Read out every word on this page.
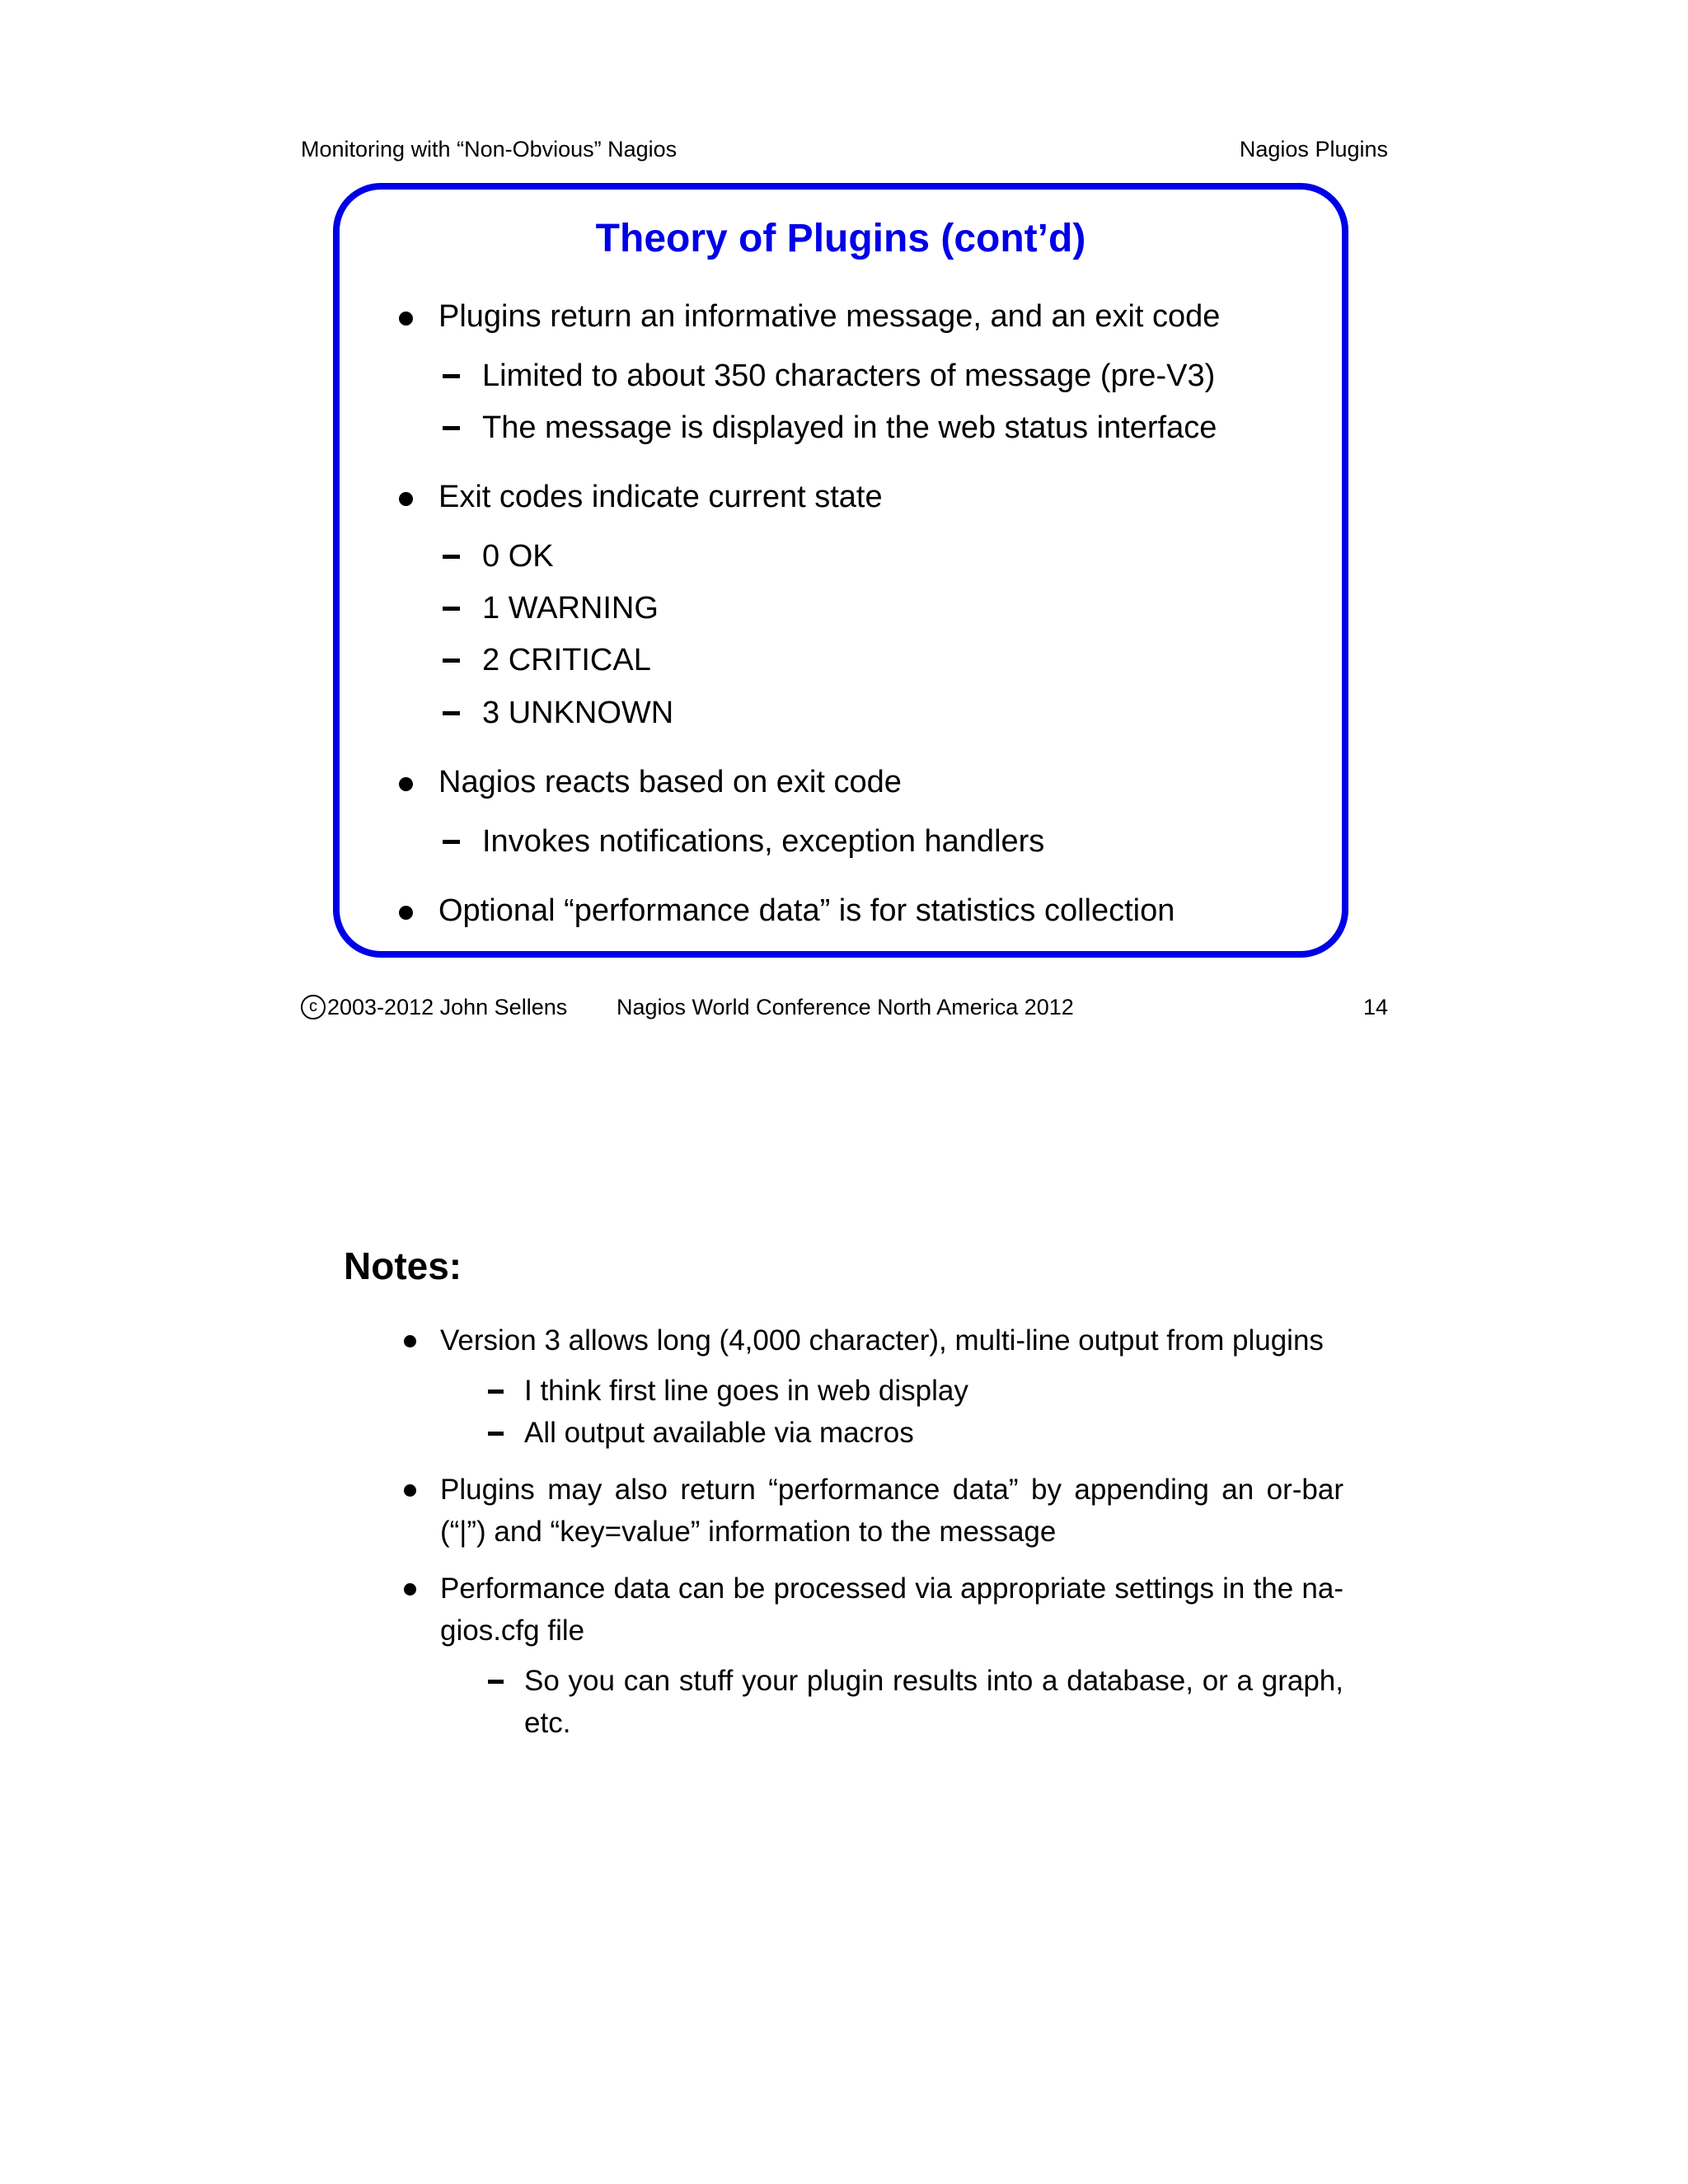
Monitoring with “Non-Obvious” Nagios	Nagios Plugins
Theory of Plugins (cont’d)
Plugins return an informative message, and an exit code
Limited to about 350 characters of message (pre-V3)
The message is displayed in the web status interface
Exit codes indicate current state
0 OK
1 WARNING
2 CRITICAL
3 UNKNOWN
Nagios reacts based on exit code
Invokes notifications, exception handlers
Optional “performance data” is for statistics collection
c 2003-2012 John Sellens Nagios World Conference North America 2012	14
Notes:
Version 3 allows long (4,000 character), multi-line output from plugins
I think first line goes in web display
All output available via macros
Plugins may also return “performance data” by appending an or-bar (“|”) and “key=value” information to the message
Performance data can be processed via appropriate settings in the na-gios.cfg file
So you can stuff your plugin results into a database, or a graph, etc.
